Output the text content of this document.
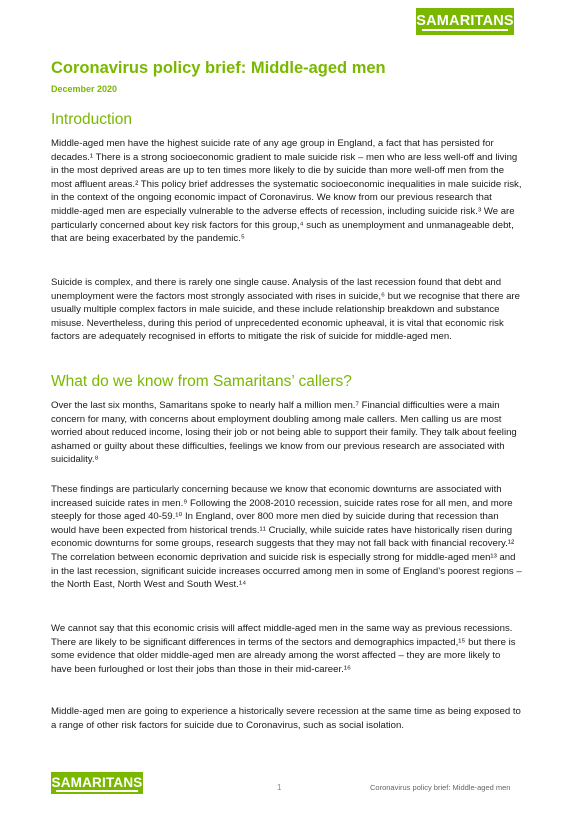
SAMARITANS
Coronavirus policy brief: Middle-aged men
December 2020
Introduction

Middle-aged men have the highest suicide rate of any age group in England, a fact that has persisted for decades.¹ There is a strong socioeconomic gradient to male suicide risk – men who are less well-off and living in the most deprived areas are up to ten times more likely to die by suicide than more well-off men from the most affluent areas.² This policy brief addresses the systematic socioeconomic inequalities in male suicide risk, in the context of the ongoing economic impact of Coronavirus. We know from our previous research that middle-aged men are especially vulnerable to the adverse effects of recession, including suicide risk.³ We are particularly concerned about key risk factors for this group,⁴ such as unemployment and unmanageable debt, that are being exacerbated by the pandemic.⁵

Suicide is complex, and there is rarely one single cause. Analysis of the last recession found that debt and unemployment were the factors most strongly associated with rises in suicide,⁶ but we recognise that there are usually multiple complex factors in male suicide, and these include relationship breakdown and substance misuse. Nevertheless, during this period of unprecedented economic upheaval, it is vital that economic risk factors are adequately recognised in efforts to mitigate the risk of suicide for middle-aged men.

What do we know from Samaritans’ callers?

Over the last six months, Samaritans spoke to nearly half a million men.⁷ Financial difficulties were a main concern for many, with concerns about employment doubling among male callers. Men calling us are most worried about reduced income, losing their job or not being able to support their family. They talk about feeling ashamed or guilty about these difficulties, feelings we know from our previous research are associated with suicidality.⁸

These findings are particularly concerning because we know that economic downturns are associated with increased suicide rates in men.⁹ Following the 2008-2010 recession, suicide rates rose for all men, and more steeply for those aged 40-59.¹⁰ In England, over 800 more men died by suicide during that recession than would have been expected from historical trends.¹¹ Crucially, while suicide rates have historically risen during economic downturns for some groups, research suggests that they may not fall back with financial recovery.¹² The correlation between economic deprivation and suicide risk is especially strong for middle-aged men¹³ and in the last recession, significant suicide increases occurred among men in some of England’s poorest regions – the North East, North West and South West.¹⁴

We cannot say that this economic crisis will affect middle-aged men in the same way as previous recessions. There are likely to be significant differences in terms of the sectors and demographics impacted,¹⁵ but there is some evidence that older middle-aged men are already among the worst affected – they are more likely to have been furloughed or lost their jobs than those in their mid-career.¹⁶

Middle-aged men are going to experience a historically severe recession at the same time as being exposed to a range of other risk factors for suicide due to Coronavirus, such as social isolation.

SAMARITANS	1	Coronavirus policy brief: Middle-aged men
